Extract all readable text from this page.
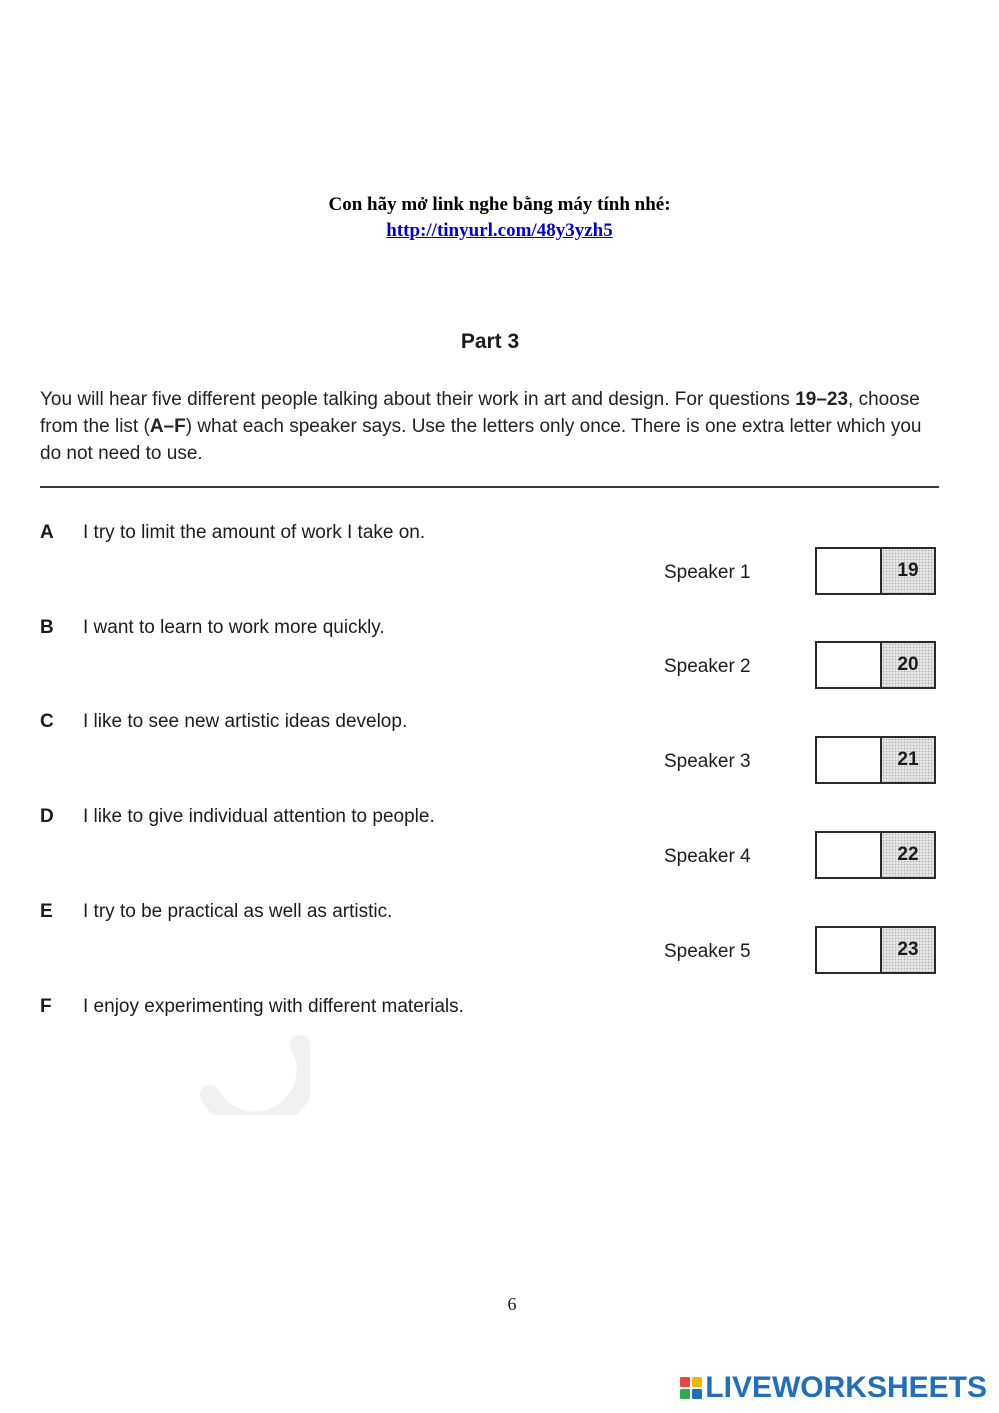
Con hãy mở link nghe bằng máy tính nhé:
http://tinyurl.com/48y3yzh5
Part 3
You will hear five different people talking about their work in art and design. For questions 19–23, choose from the list (A–F) what each speaker says. Use the letters only once. There is one extra letter which you do not need to use.
A I try to limit the amount of work I take on.
B I want to learn to work more quickly.
C I like to see new artistic ideas develop.
D I like to give individual attention to people.
E I try to be practical as well as artistic.
F I enjoy experimenting with different materials.
Speaker 1	19
Speaker 2	20
Speaker 3	21
Speaker 4	22
Speaker 5	23
6
LIVEWORKSHEETS
